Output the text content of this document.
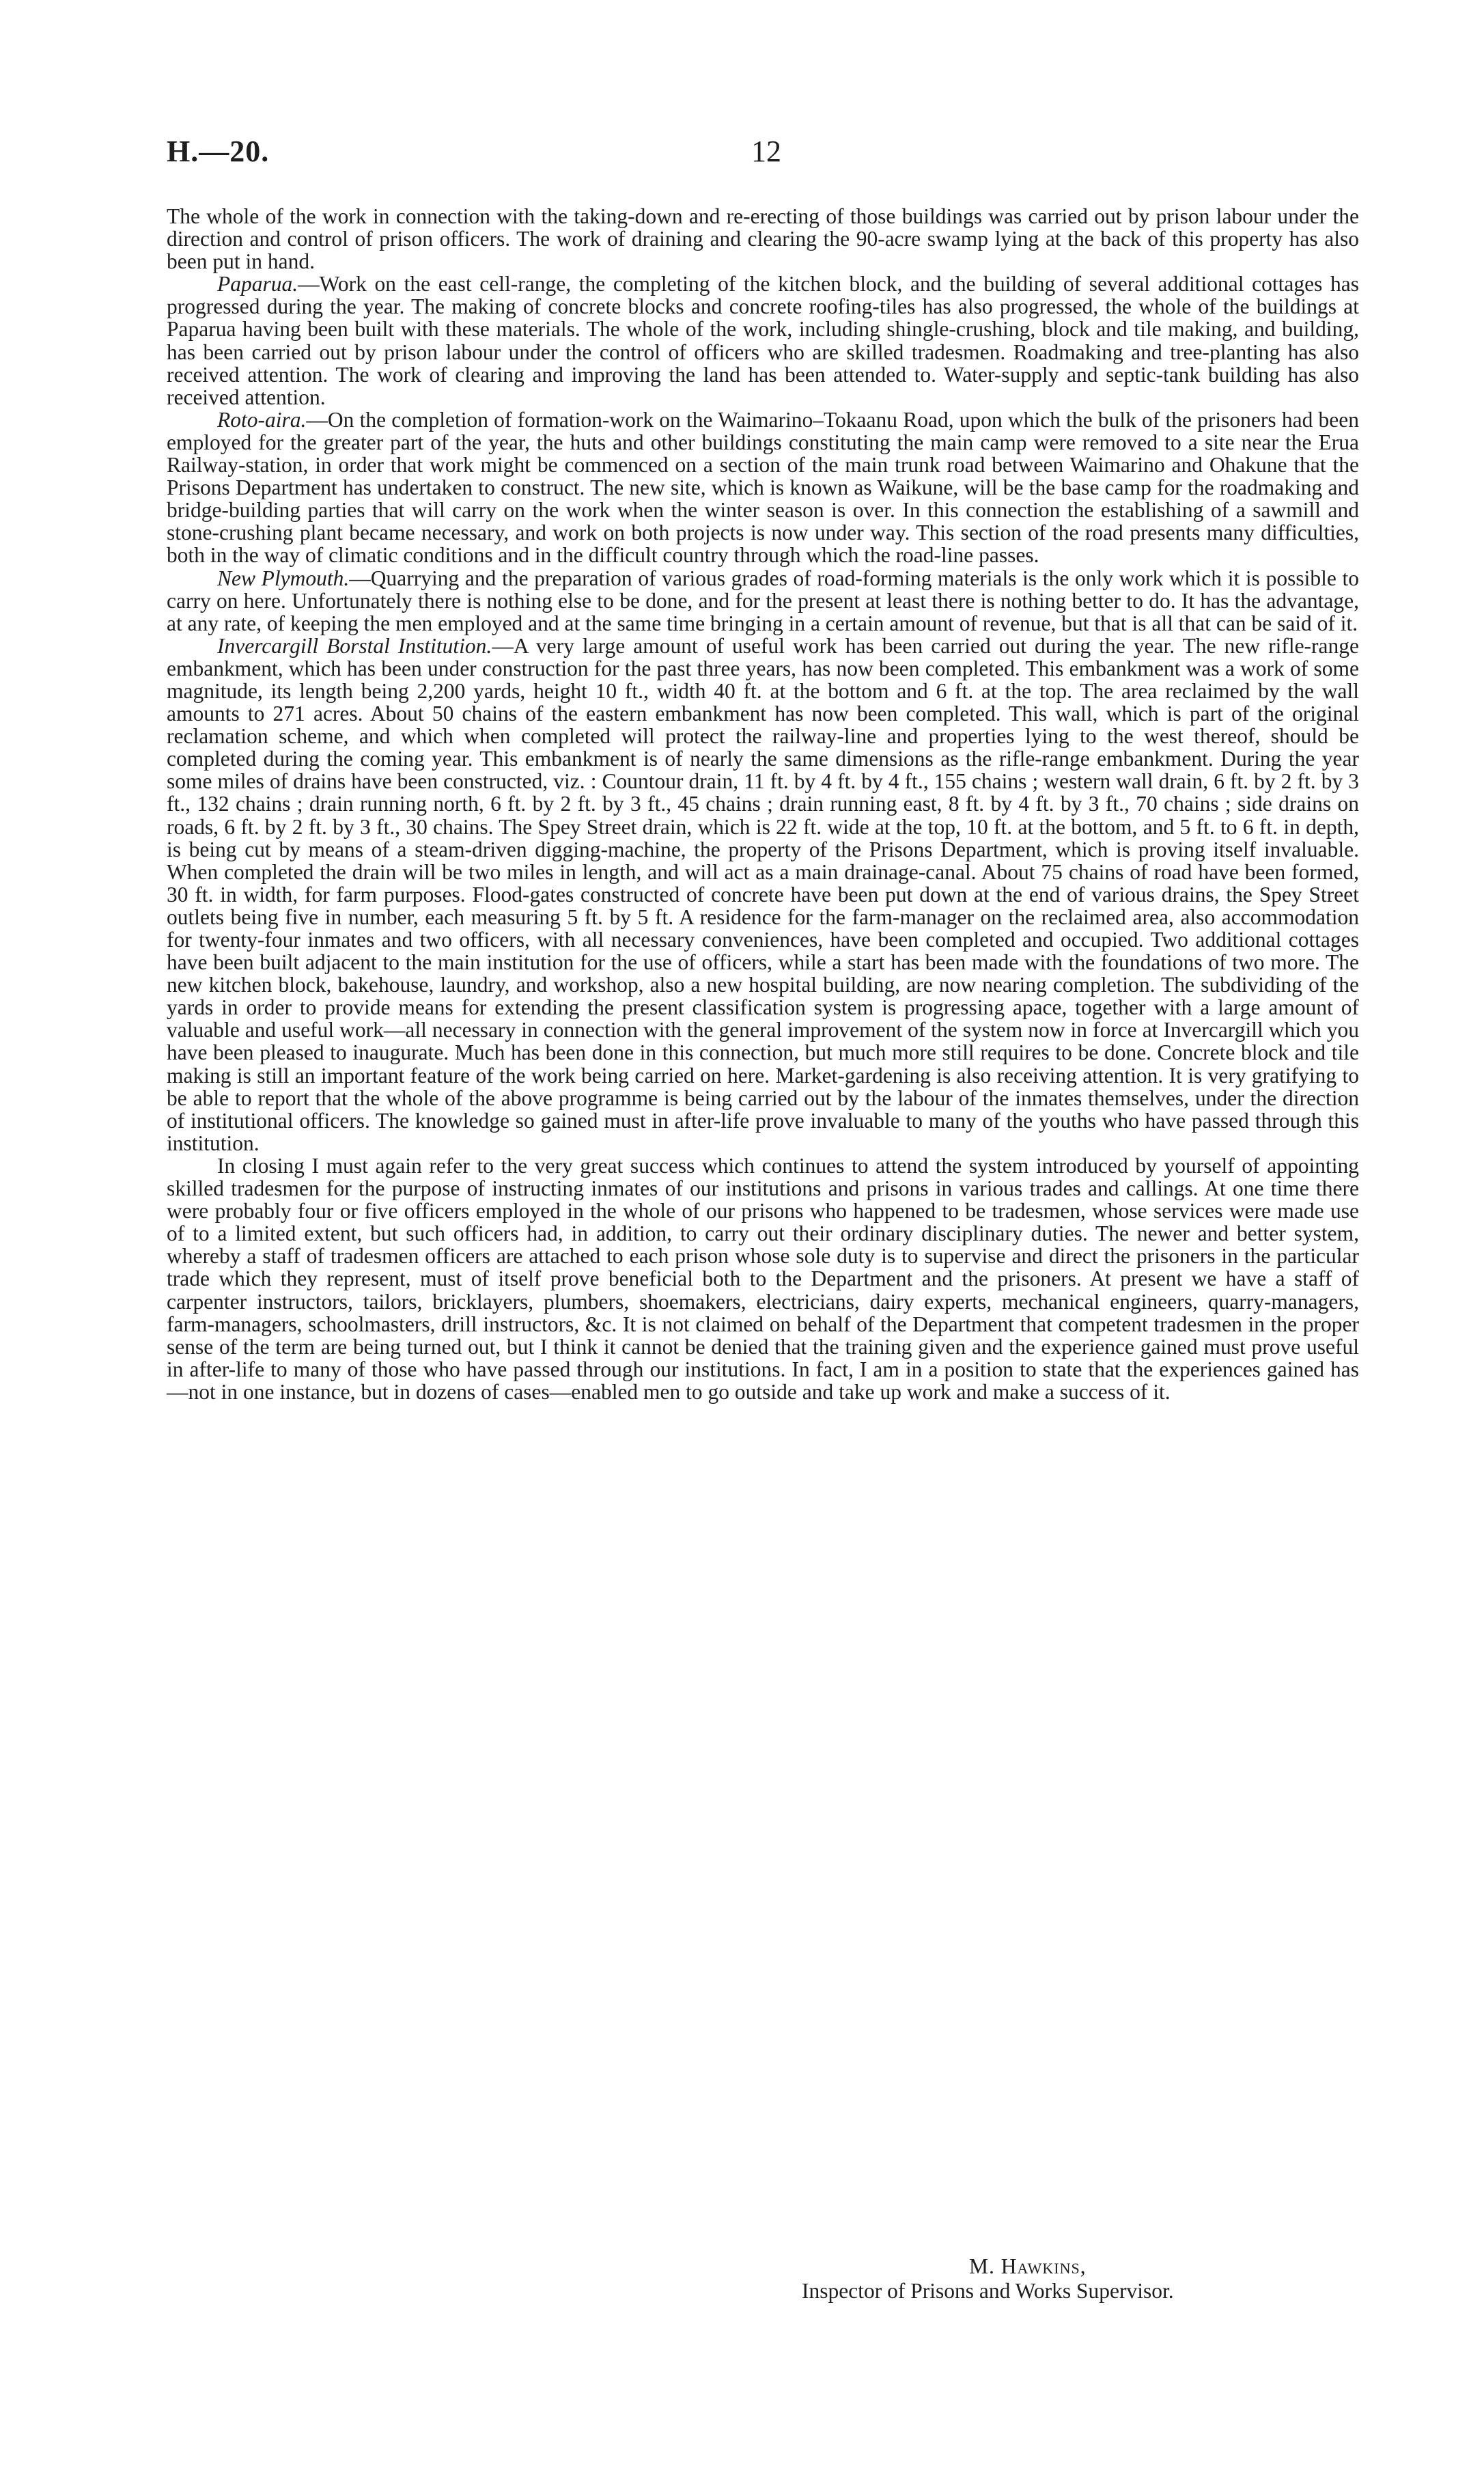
H.—20.	12

The whole of the work in connection with the taking-down and re-erecting of those buildings was carried out by prison labour under the direction and control of prison officers. The work of draining and clearing the 90-acre swamp lying at the back of this property has also been put in hand.

Paparua.—Work on the east cell-range, the completing of the kitchen block, and the building of several additional cottages has progressed during the year. The making of concrete blocks and concrete roofing-tiles has also progressed, the whole of the buildings at Paparua having been built with these materials. The whole of the work, including shingle-crushing, block and tile making, and building, has been carried out by prison labour under the control of officers who are skilled tradesmen. Roadmaking and tree-planting has also received attention. The work of clearing and improving the land has been attended to. Water-supply and septic-tank building has also received attention.

Roto-aira.—On the completion of formation-work on the Waimarino–Tokaanu Road, upon which the bulk of the prisoners had been employed for the greater part of the year, the huts and other buildings constituting the main camp were removed to a site near the Erua Railway-station, in order that work might be commenced on a section of the main trunk road between Waimarino and Ohakune that the Prisons Department has undertaken to construct. The new site, which is known as Waikune, will be the base camp for the roadmaking and bridge-building parties that will carry on the work when the winter season is over. In this connection the establishing of a sawmill and stone-crushing plant became necessary, and work on both projects is now under way. This section of the road presents many difficulties, both in the way of climatic conditions and in the difficult country through which the road-line passes.

New Plymouth.—Quarrying and the preparation of various grades of road-forming materials is the only work which it is possible to carry on here. Unfortunately there is nothing else to be done, and for the present at least there is nothing better to do. It has the advantage, at any rate, of keeping the men employed and at the same time bringing in a certain amount of revenue, but that is all that can be said of it.

Invercargill Borstal Institution.—A very large amount of useful work has been carried out during the year. The new rifle-range embankment, which has been under construction for the past three years, has now been completed. This embankment was a work of some magnitude, its length being 2,200 yards, height 10 ft., width 40 ft. at the bottom and 6 ft. at the top. The area reclaimed by the wall amounts to 271 acres. About 50 chains of the eastern embankment has now been completed. This wall, which is part of the original reclamation scheme, and which when completed will protect the railway-line and properties lying to the west thereof, should be completed during the coming year. This embankment is of nearly the same dimensions as the rifle-range embankment. During the year some miles of drains have been constructed, viz. : Countour drain, 11 ft. by 4 ft. by 4 ft., 155 chains ; western wall drain, 6 ft. by 2 ft. by 3 ft., 132 chains ; drain running north, 6 ft. by 2 ft. by 3 ft., 45 chains ; drain running east, 8 ft. by 4 ft. by 3 ft., 70 chains ; side drains on roads, 6 ft. by 2 ft. by 3 ft., 30 chains. The Spey Street drain, which is 22 ft. wide at the top, 10 ft. at the bottom, and 5 ft. to 6 ft. in depth, is being cut by means of a steam-driven digging-machine, the property of the Prisons Department, which is proving itself invaluable. When completed the drain will be two miles in length, and will act as a main drainage-canal. About 75 chains of road have been formed, 30 ft. in width, for farm purposes. Flood-gates constructed of concrete have been put down at the end of various drains, the Spey Street outlets being five in number, each measuring 5 ft. by 5 ft. A residence for the farm-manager on the reclaimed area, also accommodation for twenty-four inmates and two officers, with all necessary conveniences, have been completed and occupied. Two additional cottages have been built adjacent to the main institution for the use of officers, while a start has been made with the foundations of two more. The new kitchen block, bakehouse, laundry, and workshop, also a new hospital building, are now nearing completion. The subdividing of the yards in order to provide means for extending the present classification system is progressing apace, together with a large amount of valuable and useful work—all necessary in connection with the general improvement of the system now in force at Invercargill which you have been pleased to inaugurate. Much has been done in this connection, but much more still requires to be done. Concrete block and tile making is still an important feature of the work being carried on here. Market-gardening is also receiving attention. It is very gratifying to be able to report that the whole of the above programme is being carried out by the labour of the inmates themselves, under the direction of institutional officers. The knowledge so gained must in after-life prove invaluable to many of the youths who have passed through this institution.

In closing I must again refer to the very great success which continues to attend the system introduced by yourself of appointing skilled tradesmen for the purpose of instructing inmates of our institutions and prisons in various trades and callings. At one time there were probably four or five officers employed in the whole of our prisons who happened to be tradesmen, whose services were made use of to a limited extent, but such officers had, in addition, to carry out their ordinary disciplinary duties. The newer and better system, whereby a staff of tradesmen officers are attached to each prison whose sole duty is to supervise and direct the prisoners in the particular trade which they represent, must of itself prove beneficial both to the Department and the prisoners. At present we have a staff of carpenter instructors, tailors, bricklayers, plumbers, shoemakers, electricians, dairy experts, mechanical engineers, quarry-managers, farm-managers, schoolmasters, drill instructors, &c. It is not claimed on behalf of the Department that competent tradesmen in the proper sense of the term are being turned out, but I think it cannot be denied that the training given and the experience gained must prove useful in after-life to many of those who have passed through our institutions. In fact, I am in a position to state that the experiences gained has—not in one instance, but in dozens of cases—enabled men to go outside and take up work and make a success of it.

M. Hawkins,
Inspector of Prisons and Works Supervisor.
